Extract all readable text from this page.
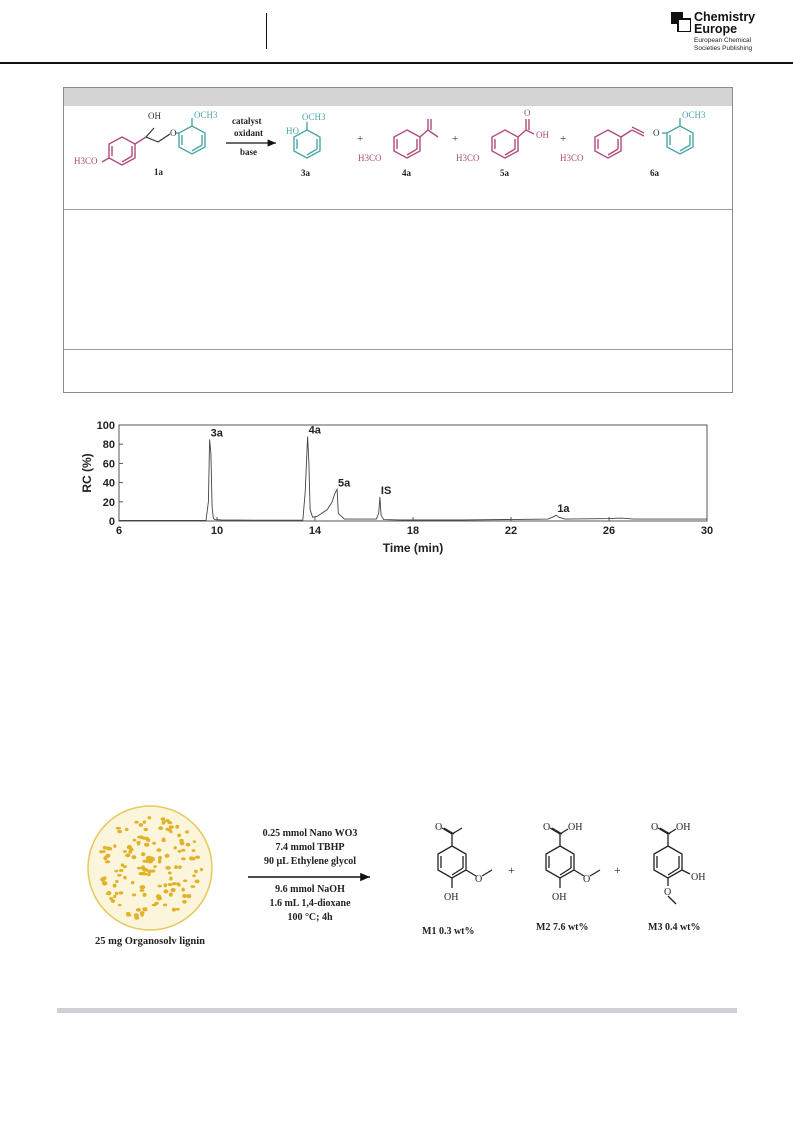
Chemistry
Europe
European Chemical
Societies Publishing
OH
O
OCH3
H3CO
1a
catalyst
oxidant
base
HO
OCH3
3a
+
H3CO
4a
+
O
OH
H3CO
5a
+	O
OCH3
H3CO
6a
0
20
40
60
80
100
6	10	14	18	22	26	30
3a	4a
5a
IS
1a
RC (%)
Time (min)
25 mg Organosolv lignin
0.25 mmol Nano WO3
7.4 mmol TBHP
90 μL Ethylene glycol
9.6 mmol NaOH
1.6 mL 1,4-dioxane
100 °C; 4h
O
OH
O
M1 0.3 wt%
+
O OH
OH
O
M2 7.6 wt%
+
O OH
O
OH
M3 0.4 wt%
